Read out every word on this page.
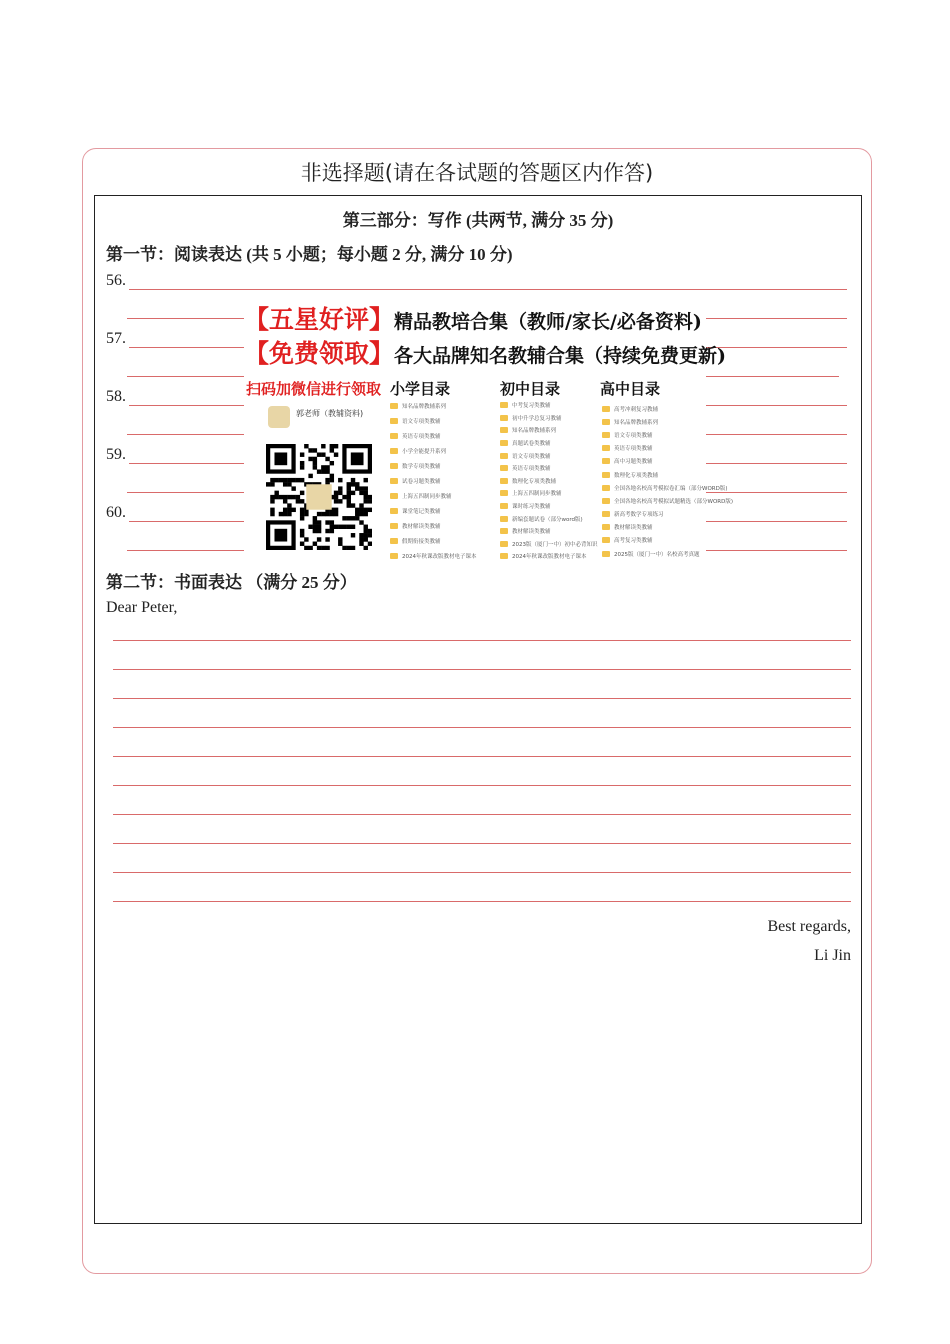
非选择题(请在各试题的答题区内作答)
第三部分：写作 (共两节, 满分 35 分)
第一节：阅读表达 (共 5 小题；每小题 2 分, 满分 10 分)
56.
57.
58.
59.
60.
第二节：书面表达 （满分 25 分）
Dear Peter,
Best regards,
Li Jin
【五星好评】精品教培合集（教师/家长/必备资料)
【免费领取】各大品牌知名教辅合集（持续免费更新)
扫码加微信进行领取
郭老师（教辅资料)
小学目录	初中目录	高中目录
知名品牌教辅系列
语文专项类教辅
英语专项类教辅
小学全能提升系列
数学专项类教辅
试卷习题类教辅
上海五四制同步教辅
课堂笔记类教辅
教材解读类教辅
假期衔接类教辅
2024年秋课改版教材电子课本
中考复习类教辅
初中升学总复习教辅
知名品牌教辅系列
真题试卷类教辅
语文专项类教辅
英语专项类教辅
数理化专项类教辅
上海五四制同步教辅
课时练习类教辅
新编套题试卷（部分word版)
教材解读类教辅
2023版（厦门一中）初中必背知识
2024年秋课改版教材电子课本
高考冲刺复习教辅
知名品牌教辅系列
语文专项类教辅
英语专项类教辅
高中习题类教辅
数理化专项类教辅
全国各地名校高考模拟卷汇编（部分WORD版)
全国各地名校高考模拟试题精选（部分WORD版)
新高考数学专项练习
教材解读类教辅
高考复习类教辅
2025版（厦门一中）名校高考真题
